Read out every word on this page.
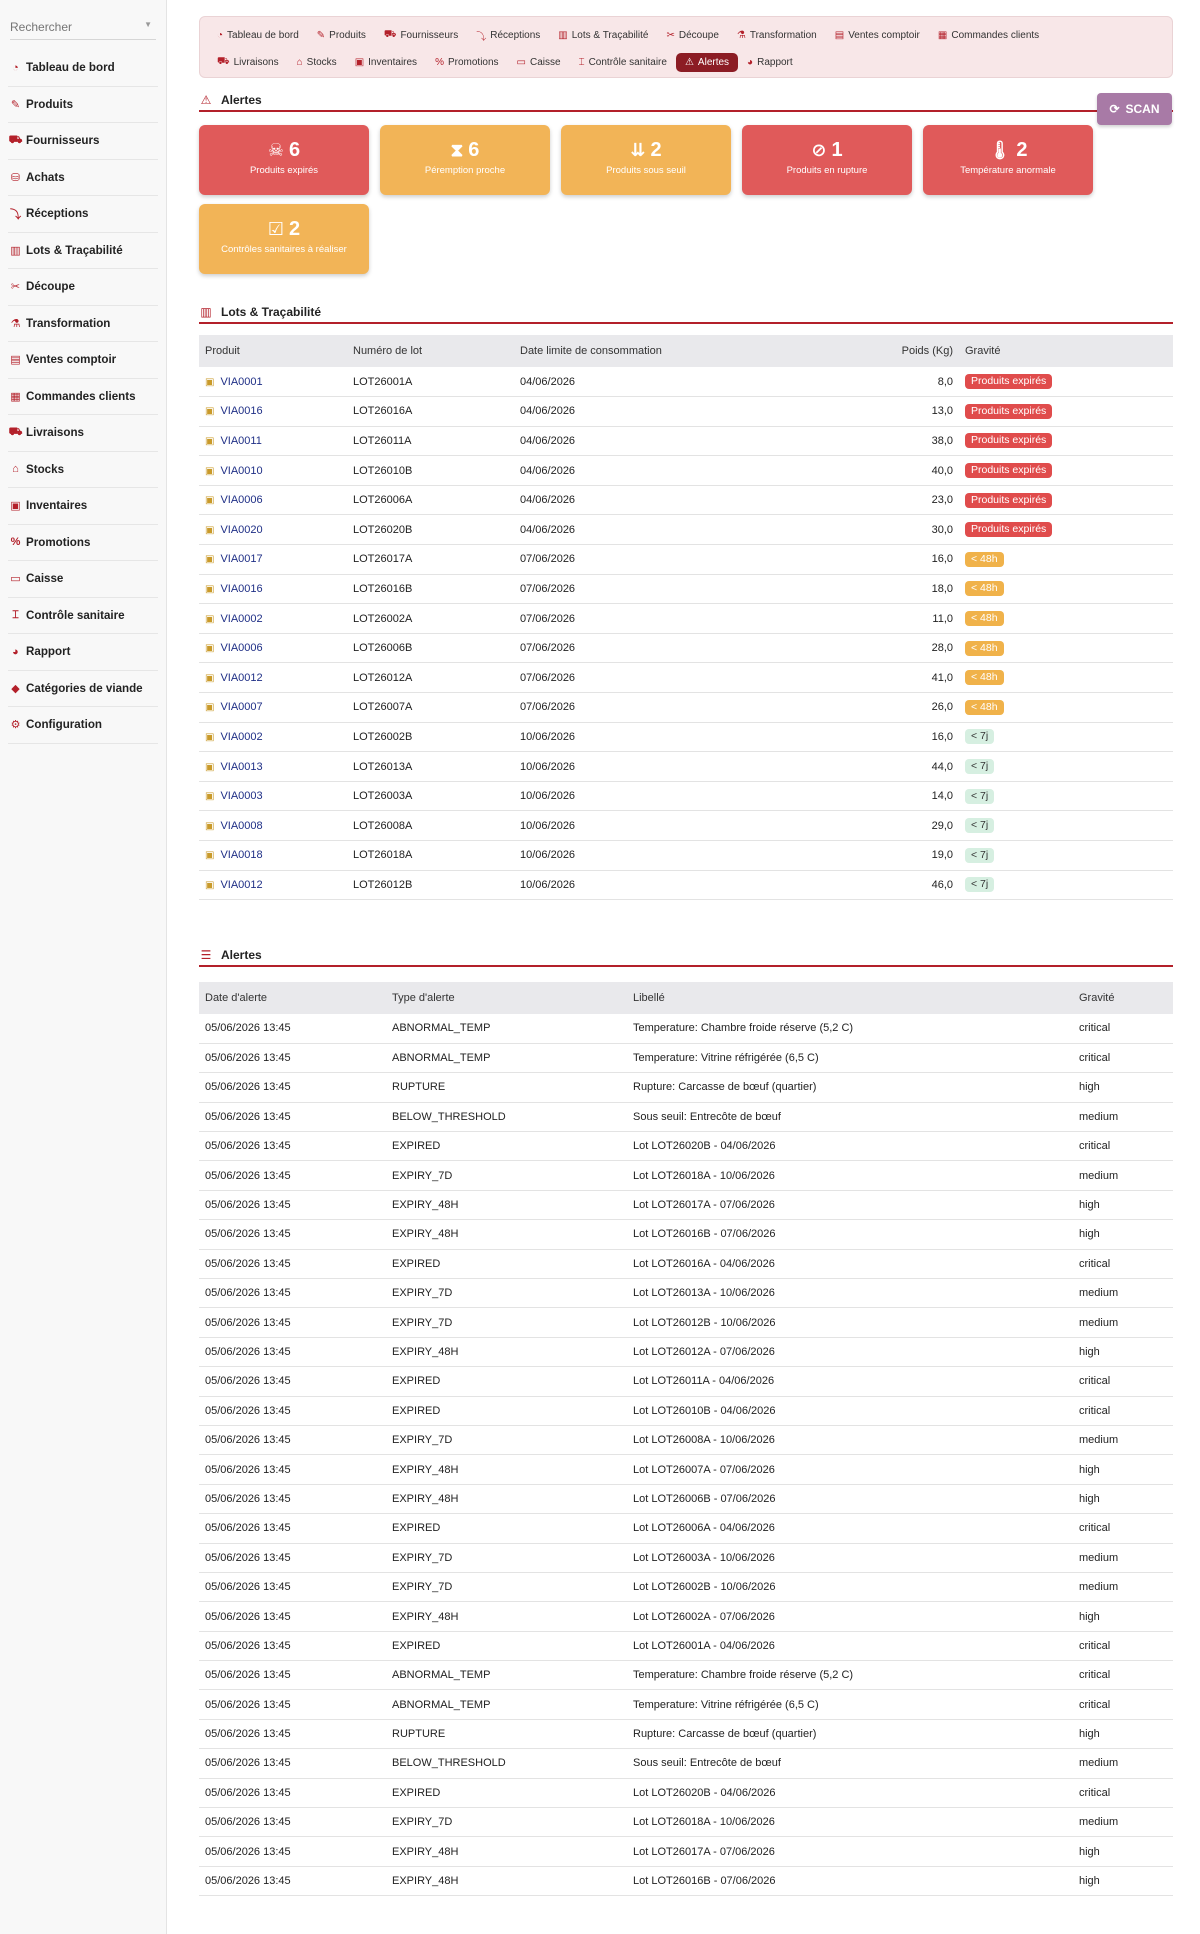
Rechercher
▼
◔ Tableau de bord
✎ Produits
⛟ Fournisseurs
⛁ Achats
⤵ Réceptions
▥ Lots & Traçabilité
✂ Découpe
⚗ Transformation
▤ Ventes comptoir
▦ Commandes clients
⛟ Livraisons
⌂ Stocks
▣ Inventaires
% Promotions
▭ Caisse
⌶ Contrôle sanitaire
◕ Rapport
◆ Catégories de viande
⚙ Configuration
◔ Tableau de bord ✎ Produits ⛟ Fournisseurs ⤵ Réceptions ▥ Lots & Traçabilité ✂ Découpe ⚗ Transformation ▤ Ventes comptoir ▦ Commandes clients
⛟ Livraisons ⌂ Stocks ▣ Inventaires % Promotions ▭ Caisse ⌶ Contrôle sanitaire ⚠ Alertes ◕ Rapport
⚠ Alertes
⟳ SCAN
☠ 6
Produits expirés
⧗ 6
Péremption proche
⇊ 2
Produits sous seuil
⊘ 1
Produits en rupture
🌡 2
Température anormale
☑ 2
Contrôles sanitaires à réaliser
▥ Lots & Traçabilité
Produit	Numéro de lot	Date limite de consommation	Poids (Kg)	Gravité
▣ VIA0001	LOT26001A	04/06/2026	8,0	Produits expirés
▣ VIA0016	LOT26016A	04/06/2026	13,0	Produits expirés
▣ VIA0011	LOT26011A	04/06/2026	38,0	Produits expirés
▣ VIA0010	LOT26010B	04/06/2026	40,0	Produits expirés
▣ VIA0006	LOT26006A	04/06/2026	23,0	Produits expirés
▣ VIA0020	LOT26020B	04/06/2026	30,0	Produits expirés
▣ VIA0017	LOT26017A	07/06/2026	16,0	< 48h
▣ VIA0016	LOT26016B	07/06/2026	18,0	< 48h
▣ VIA0002	LOT26002A	07/06/2026	11,0	< 48h
▣ VIA0006	LOT26006B	07/06/2026	28,0	< 48h
▣ VIA0012	LOT26012A	07/06/2026	41,0	< 48h
▣ VIA0007	LOT26007A	07/06/2026	26,0	< 48h
▣ VIA0002	LOT26002B	10/06/2026	16,0	< 7j
▣ VIA0013	LOT26013A	10/06/2026	44,0	< 7j
▣ VIA0003	LOT26003A	10/06/2026	14,0	< 7j
▣ VIA0008	LOT26008A	10/06/2026	29,0	< 7j
▣ VIA0018	LOT26018A	10/06/2026	19,0	< 7j
▣ VIA0012	LOT26012B	10/06/2026	46,0	< 7j
☰ Alertes
Date d'alerte	Type d'alerte	Libellé	Gravité
05/06/2026 13:45	ABNORMAL_TEMP	Temperature: Chambre froide réserve (5,2 C)	critical
05/06/2026 13:45	ABNORMAL_TEMP	Temperature: Vitrine réfrigérée (6,5 C)	critical
05/06/2026 13:45	RUPTURE	Rupture: Carcasse de bœuf (quartier)	high
05/06/2026 13:45	BELOW_THRESHOLD	Sous seuil: Entrecôte de bœuf	medium
05/06/2026 13:45	EXPIRED	Lot LOT26020B - 04/06/2026	critical
05/06/2026 13:45	EXPIRY_7D	Lot LOT26018A - 10/06/2026	medium
05/06/2026 13:45	EXPIRY_48H	Lot LOT26017A - 07/06/2026	high
05/06/2026 13:45	EXPIRY_48H	Lot LOT26016B - 07/06/2026	high
05/06/2026 13:45	EXPIRED	Lot LOT26016A - 04/06/2026	critical
05/06/2026 13:45	EXPIRY_7D	Lot LOT26013A - 10/06/2026	medium
05/06/2026 13:45	EXPIRY_7D	Lot LOT26012B - 10/06/2026	medium
05/06/2026 13:45	EXPIRY_48H	Lot LOT26012A - 07/06/2026	high
05/06/2026 13:45	EXPIRED	Lot LOT26011A - 04/06/2026	critical
05/06/2026 13:45	EXPIRED	Lot LOT26010B - 04/06/2026	critical
05/06/2026 13:45	EXPIRY_7D	Lot LOT26008A - 10/06/2026	medium
05/06/2026 13:45	EXPIRY_48H	Lot LOT26007A - 07/06/2026	high
05/06/2026 13:45	EXPIRY_48H	Lot LOT26006B - 07/06/2026	high
05/06/2026 13:45	EXPIRED	Lot LOT26006A - 04/06/2026	critical
05/06/2026 13:45	EXPIRY_7D	Lot LOT26003A - 10/06/2026	medium
05/06/2026 13:45	EXPIRY_7D	Lot LOT26002B - 10/06/2026	medium
05/06/2026 13:45	EXPIRY_48H	Lot LOT26002A - 07/06/2026	high
05/06/2026 13:45	EXPIRED	Lot LOT26001A - 04/06/2026	critical
05/06/2026 13:45	ABNORMAL_TEMP	Temperature: Chambre froide réserve (5,2 C)	critical
05/06/2026 13:45	ABNORMAL_TEMP	Temperature: Vitrine réfrigérée (6,5 C)	critical
05/06/2026 13:45	RUPTURE	Rupture: Carcasse de bœuf (quartier)	high
05/06/2026 13:45	BELOW_THRESHOLD	Sous seuil: Entrecôte de bœuf	medium
05/06/2026 13:45	EXPIRED	Lot LOT26020B - 04/06/2026	critical
05/06/2026 13:45	EXPIRY_7D	Lot LOT26018A - 10/06/2026	medium
05/06/2026 13:45	EXPIRY_48H	Lot LOT26017A - 07/06/2026	high
05/06/2026 13:45	EXPIRY_48H	Lot LOT26016B - 07/06/2026	high
